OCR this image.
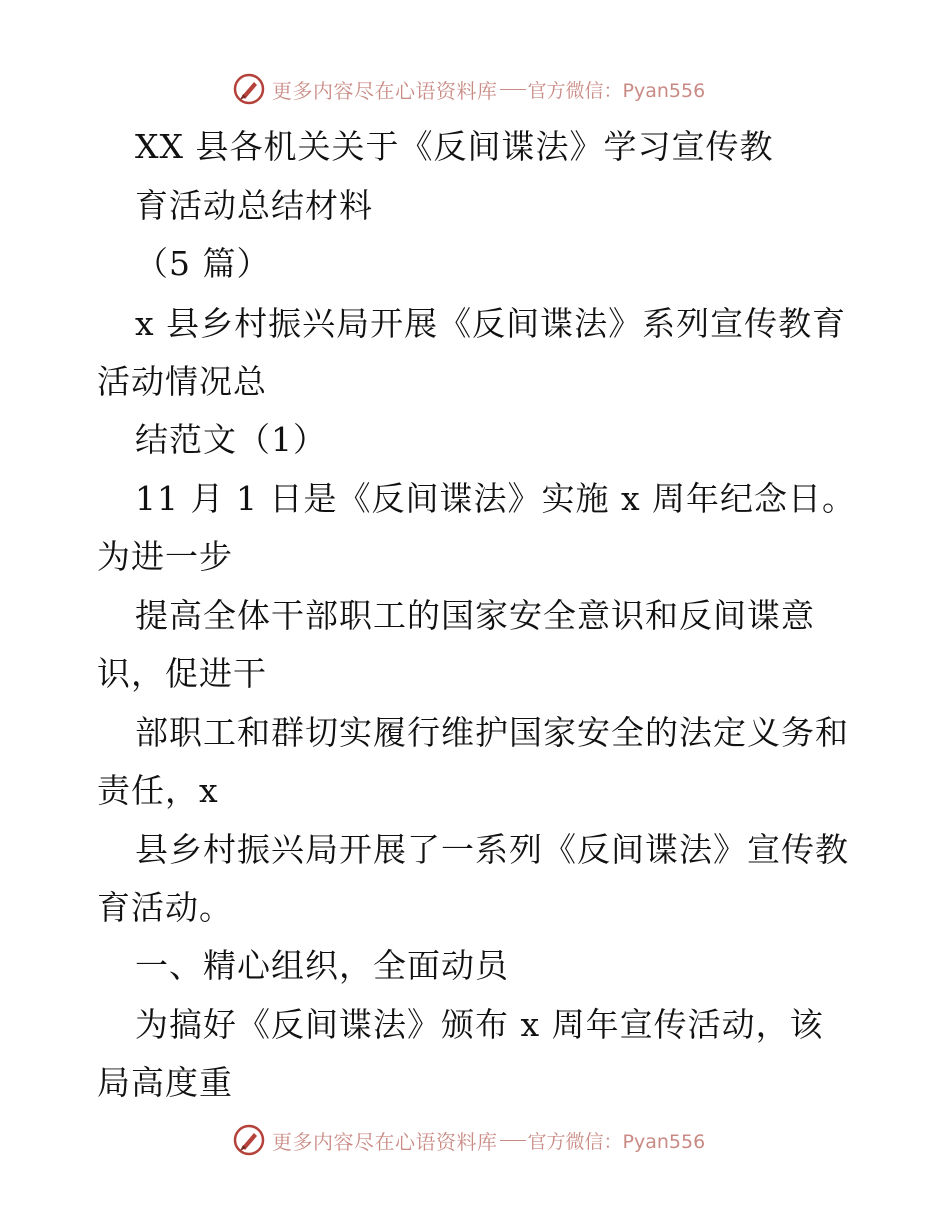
更多内容尽在心语资料库 官方微信：Pyan556
XX 县各机关关于《反间谍法》学习宣传教
育活动总结材料
（5 篇）
x 县乡村振兴局开展《反间谍法》系列宣传教育
活动情况总
结范文（1）
11 月 1 日是《反间谍法》实施 x 周年纪念日。
为进一步
提高全体干部职工的国家安全意识和反间谍意
识，促进干
部职工和群切实履行维护国家安全的法定义务和
责任，x
县乡村振兴局开展了一系列《反间谍法》宣传教
育活动。
一、精心组织，全面动员
为搞好《反间谍法》颁布 x 周年宣传活动，该
局高度重
更多内容尽在心语资料库 官方微信：Pyan556
